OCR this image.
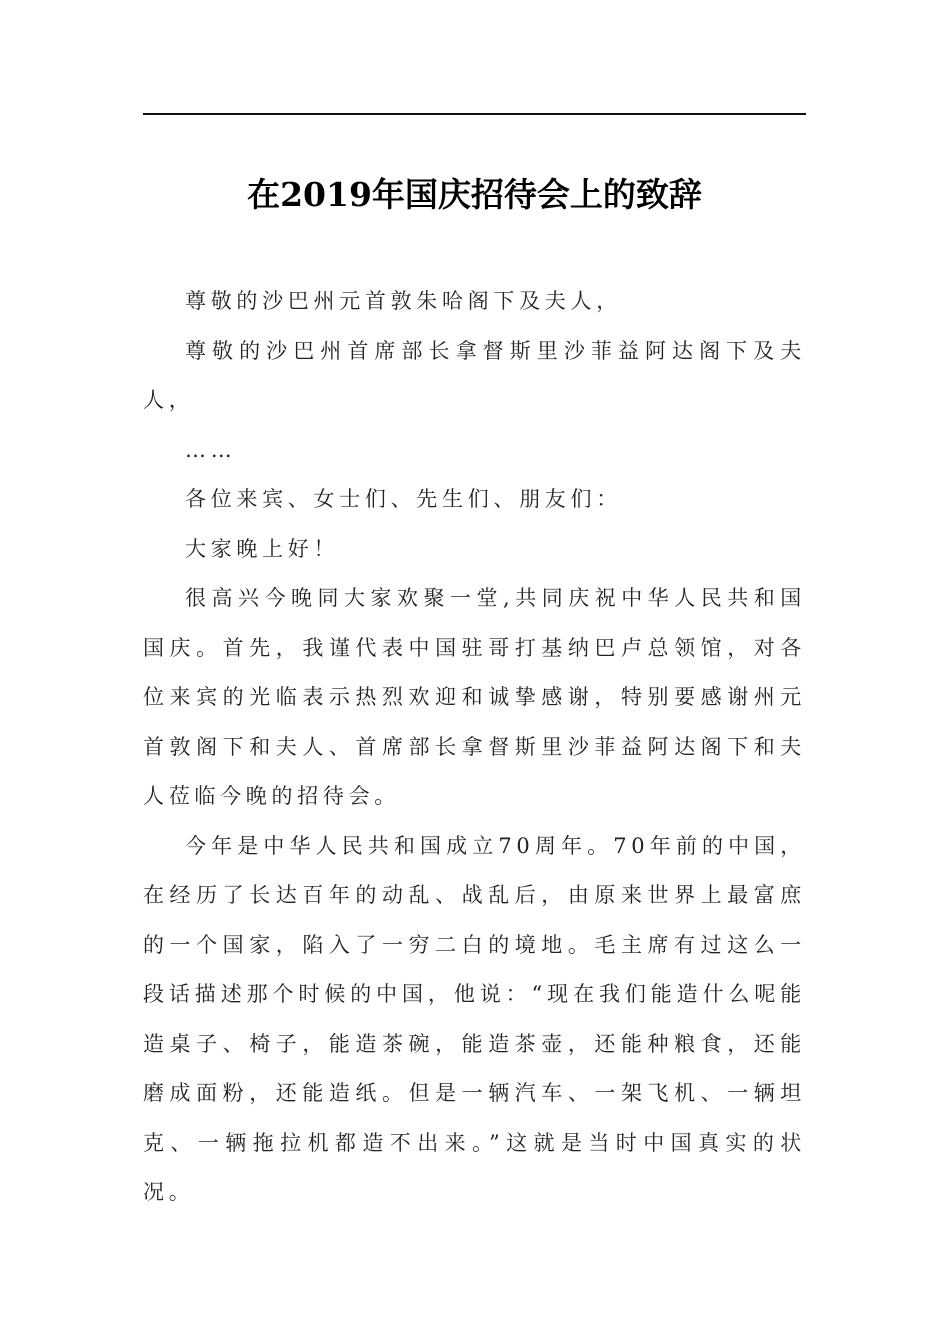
在2019年国庆招待会上的致辞

尊敬的沙巴州元首敦朱哈阁下及夫人，

尊敬的沙巴州首席部长拿督斯里沙菲益阿达阁下及夫人，

……

各位来宾、女士们、先生们、朋友们：

大家晚上好！

很高兴今晚同大家欢聚一堂,共同庆祝中华人民共和国国庆。首先，我谨代表中国驻哥打基纳巴卢总领馆，对各位来宾的光临表示热烈欢迎和诚挚感谢，特别要感谢州元首敦阁下和夫人、首席部长拿督斯里沙菲益阿达阁下和夫人莅临今晚的招待会。

今年是中华人民共和国成立70周年。70年前的中国，在经历了长达百年的动乱、战乱后，由原来世界上最富庶的一个国家，陷入了一穷二白的境地。毛主席有过这么一段话描述那个时候的中国，他说：“现在我们能造什么呢能造桌子、椅子，能造茶碗，能造茶壶，还能种粮食，还能磨成面粉，还能造纸。但是一辆汽车、一架飞机、一辆坦克、一辆拖拉机都造不出来。”这就是当时中国真实的状况。
